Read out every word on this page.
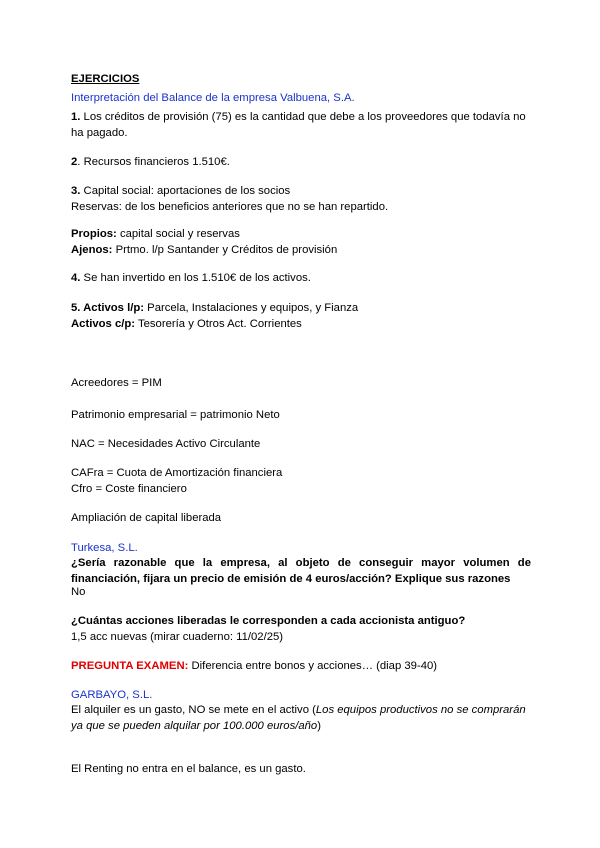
EJERCICIOS
Interpretación del Balance de la empresa Valbuena, S.A.
1. Los créditos de provisión (75) es la cantidad que debe a los proveedores que todavía no ha pagado.
2. Recursos financieros 1.510€.
3. Capital social: aportaciones de los socios
Reservas: de los beneficios anteriores que no se han repartido.
Propios: capital social y reservas
Ajenos: Prtmo. l/p Santander y Créditos de provisión
4. Se han invertido en los 1.510€ de los activos.
5. Activos l/p: Parcela, Instalaciones y equipos, y Fianza
Activos c/p: Tesorería y Otros Act. Corrientes
Acreedores = PIM
Patrimonio empresarial = patrimonio Neto
NAC = Necesidades Activo Circulante
CAFra = Cuota de Amortización financiera
Cfro = Coste financiero
Ampliación de capital liberada
Turkesa, S.L.
¿Sería razonable que la empresa, al objeto de conseguir mayor volumen de financiación, fijara un precio de emisión de 4 euros/acción? Explique sus razones
No
¿Cuántas acciones liberadas le corresponden a cada accionista antiguo?
1,5 acc nuevas (mirar cuaderno: 11/02/25)
PREGUNTA EXAMEN: Diferencia entre bonos y acciones… (diap 39-40)
GARBAYO, S.L.
El alquiler es un gasto, NO se mete en el activo (Los equipos productivos no se comprarán ya que se pueden alquilar por 100.000 euros/año)
El Renting no entra en el balance, es un gasto.
